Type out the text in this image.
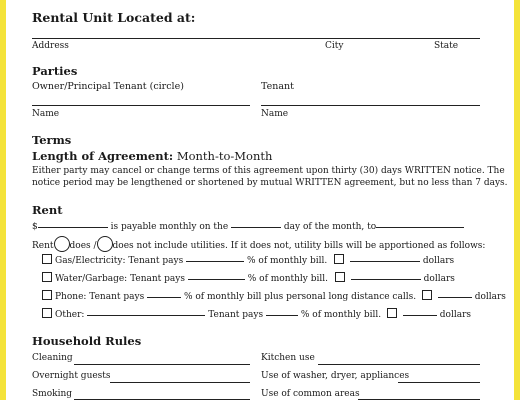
Rental Unit Located at:
Address	City	State
Parties
Owner/Principal Tenant (circle)	Tenant
Name	Name
Terms
Length of Agreement: Month-to-Month
Either party may cancel or change terms of this agreement upon thirty (30) days WRITTEN notice. The
notice period may be lengthened or shortened by mutual WRITTEN agreement, but no less than 7 days.
Rent
$	is payable monthly on the	day of the month, to
Rent does / does not include utilities. If it does not, utility bills will be apportioned as follows:
Gas/Electricity: Tenant pays	% of monthly bill.	dollars
Water/Garbage: Tenant pays	% of monthly bill.	dollars
Phone: Tenant pays	% of monthly bill plus personal long distance calls.	dollars
Other:	Tenant pays	% of monthly bill.	dollars
Household Rules
Cleaning	Kitchen use
Overnight guests	Use of washer, dryer, appliances
Smoking	Use of common areas
